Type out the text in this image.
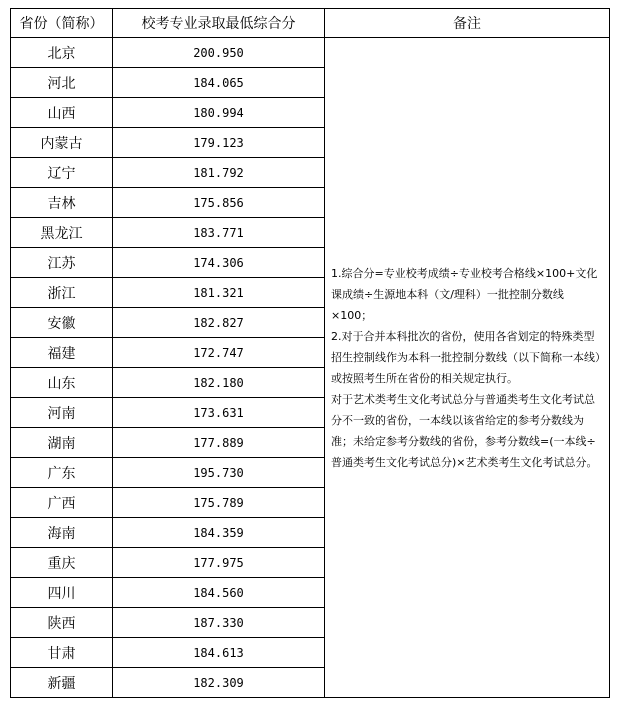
省份（简称）	校考专业录取最低综合分	备注
北京	200.950	1.综合分=专业校考成绩÷专业校考合格线×100+文化课成绩÷生源地本科（文/理科）一批控制分数线×100；

2.对于合并本科批次的省份，使用各省划定的特殊类型招生控制线作为本科一批控制分数线（以下简称一本线）或按照考生所在省份的相关规定执行。

对于艺术类考生文化考试总分与普通类考生文化考试总分不一致的省份，一本线以该省给定的参考分数线为准；未给定参考分数线的省份，参考分数线=(一本线÷普通类考生文化考试总分)×艺术类考生文化考试总分。

河北	184.065	
山西	180.994	
内蒙古	179.123	
辽宁	181.792	
吉林	175.856	
黑龙江	183.771	
江苏	174.306	
浙江	181.321	
安徽	182.827	
福建	172.747	
山东	182.180	
河南	173.631	
湖南	177.889	
广东	195.730	
广西	175.789	
海南	184.359	
重庆	177.975	
四川	184.560	
陕西	187.330	
甘肃	184.613	
新疆	182.309	
